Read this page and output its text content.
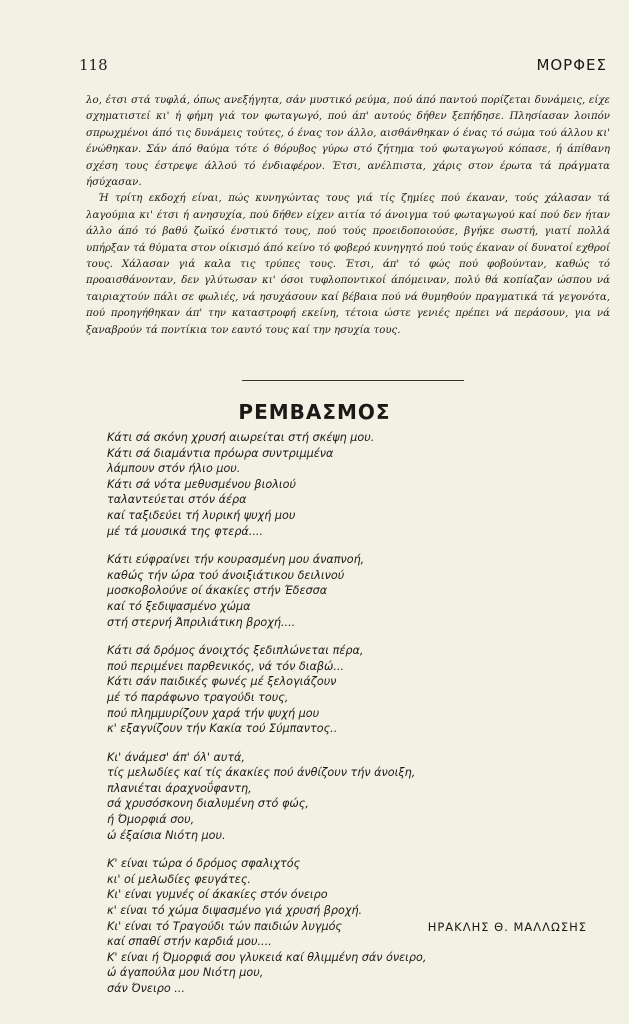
118	ΜΟΡΦΕΣ

λο, έτσι στά τυφλά, όπως ανεξήγητα, σάν μυστικό ρεύμα, πού άπό παντού πορίζεται δυνάμεις, είχε σχηματιστεί κι' ή φήμη γιά τον φωταγωγό, πού άπ' αυτούς δήθεν ξεπήδησε. Πλησίασαν λοιπόν σπρωχμένοι άπό τις δυνάμεις τούτες, ό ένας τον άλλο, αισθάνθηκαν ό ένας τό σώμα τού άλλου κι' ένώθηκαν. Σάν άπό θαύμα τότε ό θόρυβος γύρω στό ζήτημα τού φωταγωγού κόπασε, ή άπίθανη σχέση τους έστρεψε άλλού τό ένδιαφέρον. Έτσι, ανέλπιστα, χάρις στον έρωτα τά πράγματα ήσύχασαν.

Ή τρίτη εκδοχή είναι, πώς κυνηγώντας τους γιά τίς ζημίες πού έκαναν, τούς χάλασαν τά λαγούμια κι' έτσι ή ανησυχία, πού δήθεν είχεν αιτία τό άνοιγμα τού φωταγωγού καί πού δεν ήταν άλλο άπό τό βαθύ ζωϊκό ένστικτό τους, πού τούς προειδοποιούσε, βγήκε σωστή, γιατί πολλά υπήρξαν τά θύματα στον οίκισμό άπό κείνο τό φοβερό κυνηγητό πού τούς έκαναν οί δυνατοί εχθροί τους. Χάλασαν γιά καλα τις τρύπες τους. Έτσι, άπ' τό φώς πού φοβούνταν, καθώς τό προαισθάνονταν, δεν γλύτωσαν κι' όσοι τυφλοποντικοί άπόμειναν, πολύ θά κοπίαζαν ώσπου νά ταιριαχτούν πάλι σε φωλιές, νά ησυχάσουν καί βέβαια πού νά θυμηθούν πραγματικά τά γεγονότα, πού προηγήθηκαν άπ' την καταστροφή εκείνη, τέτοια ώστε γενιές πρέπει νά περάσουν, για νά ξαναβρούν τά ποντίκια τον εαυτό τους καί την ησυχία τους.

ΡΕΜΒΑΣΜΟΣ
Κάτι σά σκόνη χρυσή αιωρείται στή σκέψη μου.
Κάτι σά διαμάντια πρόωρα συντριμμένα
λάμπουν στόν ήλιο μου.
Κάτι σά νότα μεθυσμένου βιολιού
ταλαντεύεται στόν άέρα
καί ταξιδεύει τή λυρική ψυχή μου
μέ τά μουσικά της φτερά....
Κάτι εύφραίνει τήν κουρασμένη μου άναπνοή,
καθώς τήν ώρα τού άνοιξιάτικου δειλινού
μοσκοβολούνε οί άκακίες στήν Έδεσσα
καί τό ξεδιψασμένο χώμα
στή στερνή Άπριλιάτικη βροχή....
Κάτι σά δρόμος άνοιχτός ξεδιπλώνεται πέρα,
πού περιμένει παρθενικός, νά τόν διαβώ...
Κάτι σάν παιδικές φωνές μέ ξελογιάζουν
μέ τό παράφωνο τραγούδι τους,
πού πλημμυρίζουν χαρά τήν ψυχή μου
κ' εξαγνίζουν τήν Κακία τού Σύμπαντος..
Κι' άνάμεσ' άπ' όλ' αυτά,
τίς μελωδίες καί τίς άκακίες πού άνθίζουν τήν άνοιξη,
πλανιέται άραχνοΰφαντη,
σά χρυσόσκονη διαλυμένη στό φώς,
ή Όμορφιά σου,
ώ έξαίσια Νιότη μου.
Κ' είναι τώρα ό δρόμος σφαλιχτός
κι' οί μελωδίες φευγάτες.
Κι' είναι γυμνές οί άκακίες στόν όνειρο
κ' είναι τό χώμα διψασμένο γιά χρυσή βροχή.
Κι' είναι τό Τραγούδι τών παιδιών λυγμός
καί σπαθί στήν καρδιά μου....
Κ' είναι ή Όμορφιά σου γλυκειά καί θλιμμένη σάν όνειρο,
ώ άγαπούλα μου Νιότη μου,
σάν Όνειρο ...
ΗΡΑΚΛΗΣ Θ. ΜΑΛΛΩΣΗΣ
